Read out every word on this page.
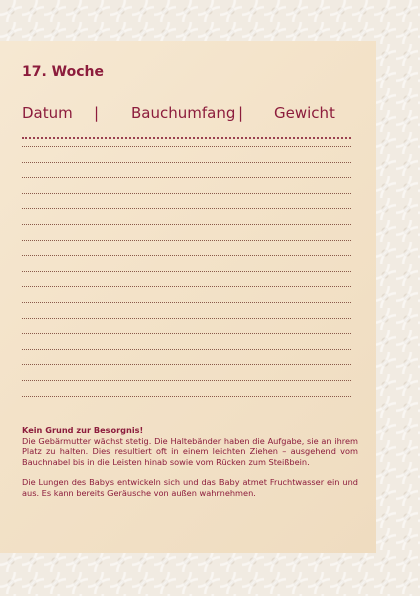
17. Woche
Datum | Bauchumfang | Gewicht

Kein Grund zur Besorgnis!

Die Gebärmutter wächst stetig. Die Haltebänder haben die Aufgabe, sie an ihrem Platz zu halten. Dies resultiert oft in einem leichten Ziehen – ausgehend vom Bauchnabel bis in die Leisten hinab sowie vom Rücken zum Steißbein.

Die Lungen des Babys entwickeln sich und das Baby atmet Fruchtwasser ein und aus. Es kann bereits Geräusche von außen wahrnehmen.
